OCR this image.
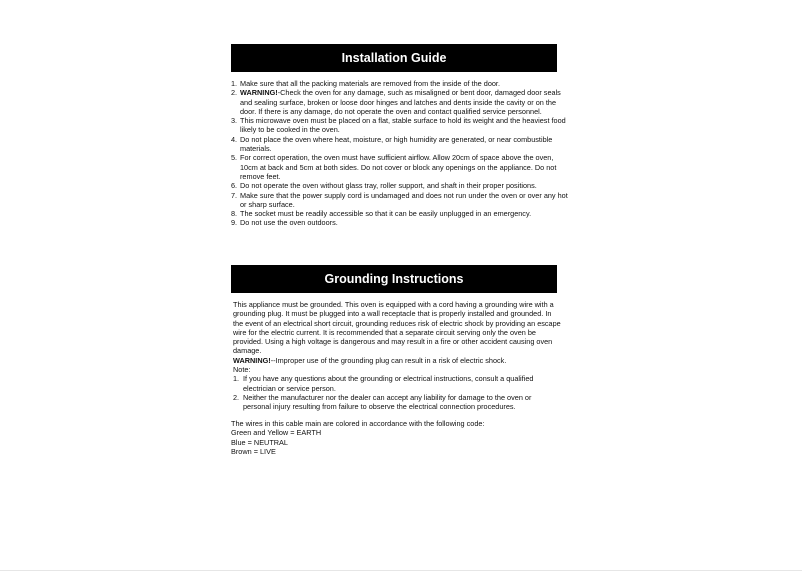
Installation Guide
1. Make sure that all the packing materials are removed from the inside of the door.
2. WARNING!-Check the oven for any damage, such as misaligned or bent door, damaged door seals and sealing surface, broken or loose door hinges and latches and dents inside the cavity or on the door. If there is any damage, do not operate the oven and contact qualified service personnel.
3. This microwave oven must be placed on a flat, stable surface to hold its weight and the heaviest food likely to be cooked in the oven.
4. Do not place the oven where heat, moisture, or high humidity are generated, or near combustible materials.
5. For correct operation, the oven must have sufficient airflow. Allow 20cm of space above the oven, 10cm at back and 5cm at both sides. Do not cover or block any openings on the appliance. Do not remove feet.
6. Do not operate the oven without glass tray, roller support, and shaft in their proper positions.
7. Make sure that the power supply cord is undamaged and does not run under the oven or over any hot or sharp surface.
8. The socket must be readily accessible so that it can be easily unplugged in an emergency.
9. Do not use the oven outdoors.
Grounding Instructions

This appliance must be grounded. This oven is equipped with a cord having a grounding wire with a grounding plug. It must be plugged into a wall receptacle that is properly installed and grounded. In the event of an electrical short circuit, grounding reduces risk of electric shock by providing an escape wire for the electric current. It is recommended that a separate circuit serving only the oven be provided. Using a high voltage is dangerous and may result in a fire or other accident causing oven damage.

WARNING!--Improper use of the grounding plug can result in a risk of electric shock.

Note:

1. If you have any questions about the grounding or electrical instructions, consult a qualified electrician or service person.
2. Neither the manufacturer nor the dealer can accept any liability for damage to the oven or personal injury resulting from failure to observe the electrical connection procedures.

The wires in this cable main are colored in accordance with the following code:

Green and Yellow = EARTH

Blue = NEUTRAL

Brown = LIVE
